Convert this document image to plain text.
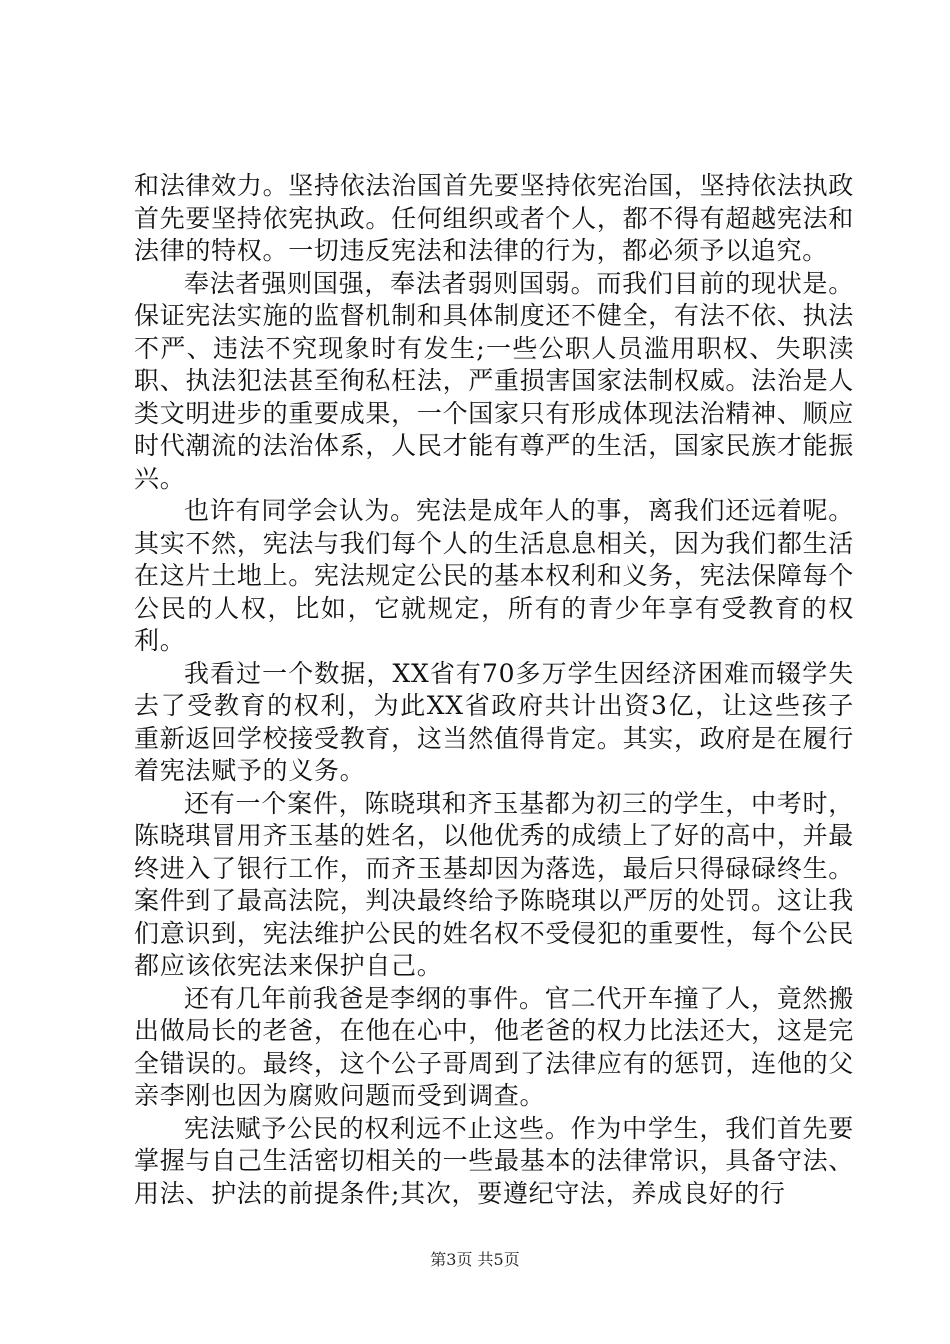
和法律效力。坚持依法治国首先要坚持依宪治国，坚持依法执政首先要坚持依宪执政。任何组织或者个人，都不得有超越宪法和法律的特权。一切违反宪法和法律的行为，都必须予以追究。

奉法者强则国强，奉法者弱则国弱。而我们目前的现状是。保证宪法实施的监督机制和具体制度还不健全，有法不依、执法不严、违法不究现象时有发生;一些公职人员滥用职权、失职渎职、执法犯法甚至徇私枉法，严重损害国家法制权威。法治是人类文明进步的重要成果，一个国家只有形成体现法治精神、顺应时代潮流的法治体系，人民才能有尊严的生活，国家民族才能振兴。

也许有同学会认为。宪法是成年人的事，离我们还远着呢。其实不然，宪法与我们每个人的生活息息相关，因为我们都生活在这片土地上。宪法规定公民的基本权利和义务，宪法保障每个公民的人权，比如，它就规定，所有的青少年享有受教育的权利。

我看过一个数据，XX省有70多万学生因经济困难而辍学失去了受教育的权利，为此XX省政府共计出资3亿，让这些孩子重新返回学校接受教育，这当然值得肯定。其实，政府是在履行着宪法赋予的义务。

还有一个案件，陈晓琪和齐玉基都为初三的学生，中考时，陈晓琪冒用齐玉基的姓名，以他优秀的成绩上了好的高中，并最终进入了银行工作，而齐玉基却因为落选，最后只得碌碌终生。案件到了最高法院，判决最终给予陈晓琪以严厉的处罚。这让我们意识到，宪法维护公民的姓名权不受侵犯的重要性，每个公民都应该依宪法来保护自己。

还有几年前我爸是李纲的事件。官二代开车撞了人，竟然搬出做局长的老爸，在他在心中，他老爸的权力比法还大，这是完全错误的。最终，这个公子哥周到了法律应有的惩罚，连他的父亲李刚也因为腐败问题而受到调查。

宪法赋予公民的权利远不止这些。作为中学生，我们首先要掌握与自己生活密切相关的一些最基本的法律常识，具备守法、用法、护法的前提条件;其次，要遵纪守法，养成良好的行

第3页 共5页
